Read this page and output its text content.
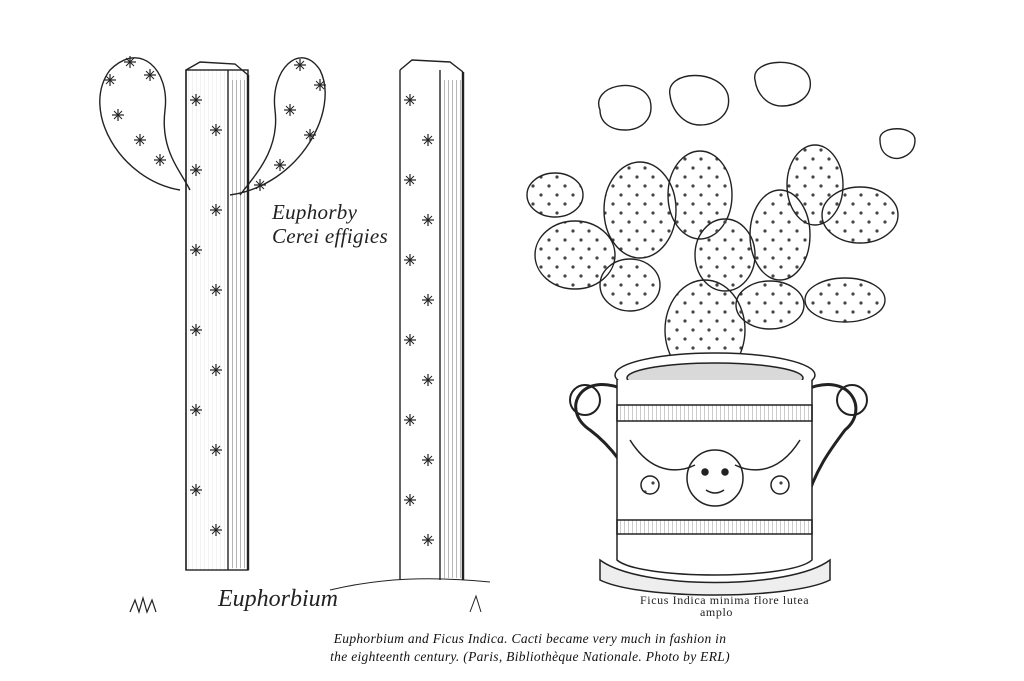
Euphorby
Cerei effigies
Euphorbium	Ficus Indica minima flore lutea
amplo
Euphorbium and Ficus Indica. Cacti became very much in fashion in
the eighteenth century. (Paris, Bibliothèque Nationale. Photo by ERL)
